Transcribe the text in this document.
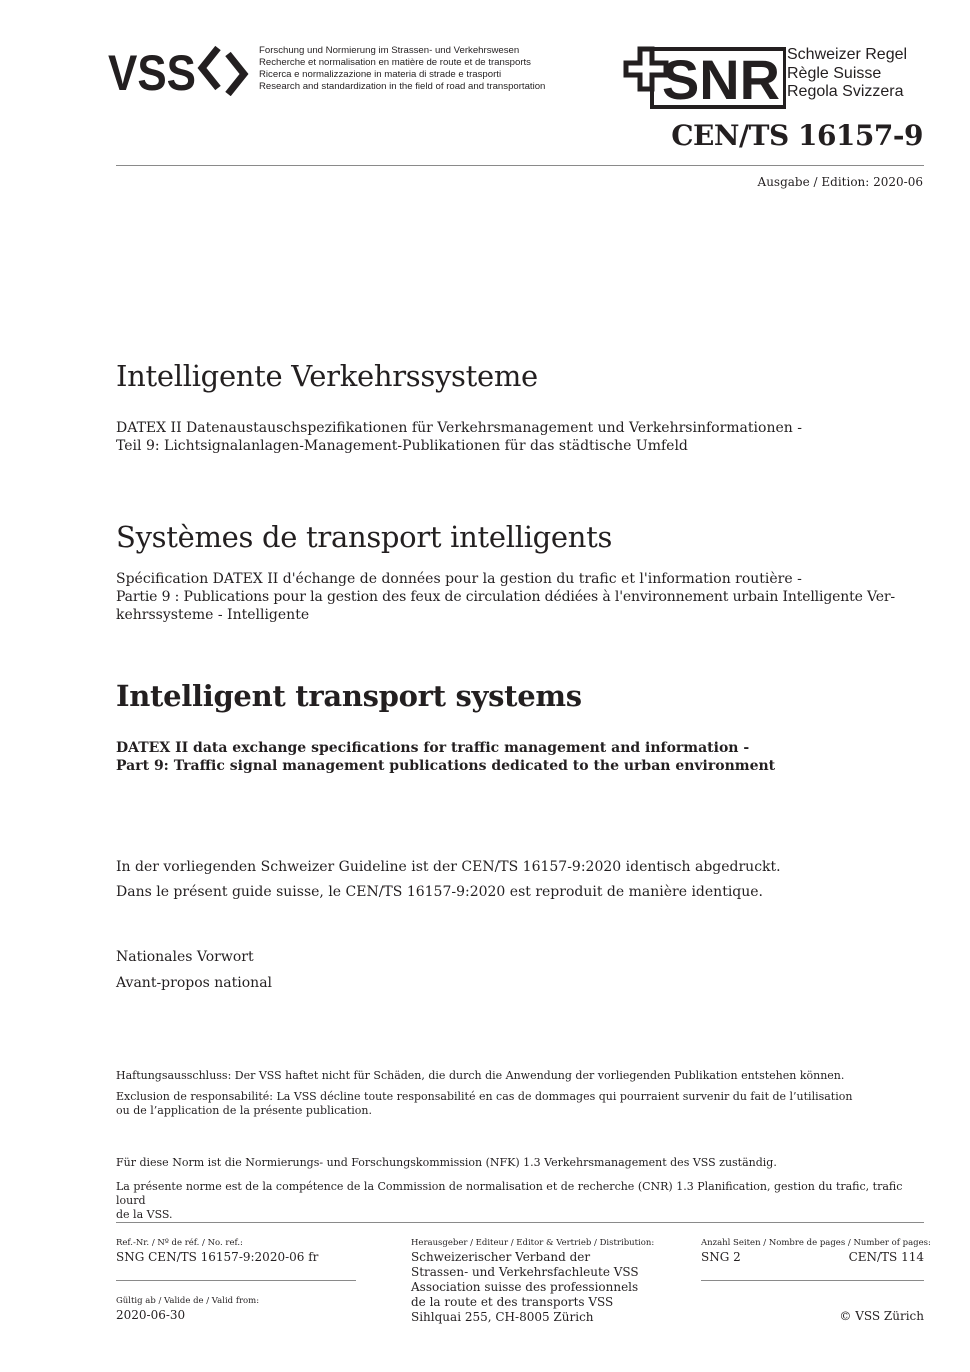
VSS	Forschung und Normierung im Strassen- und Verkehrswesen
Recherche et normalisation en matière de route et de transports
Ricerca e normalizzazione in materia di strade e trasporti
Research and standardization in the field of road and transportation SNR Schweizer Regel
Règle Suisse
Regola Svizzera
CEN/TS 16157-9
Ausgabe / Edition: 2020-06
Intelligente Verkehrssysteme
DATEX II Datenaustauschspezifikationen für Verkehrsmanagement und Verkehrsinformationen -
Teil 9: Lichtsignalanlagen-Management-Publikationen für das städtische Umfeld
Systèmes de transport intelligents
Spécification DATEX II d'échange de données pour la gestion du trafic et l'information routière -
Partie 9 : Publications pour la gestion des feux de circulation dédiées à l'environnement urbain Intelligente Ver-
kehrssysteme - Intelligente
Intelligent transport systems
DATEX II data exchange specifications for traffic management and information -
Part 9: Traffic signal management publications dedicated to the urban environment
In der vorliegenden Schweizer Guideline ist der CEN/TS 16157-9:2020 identisch abgedruckt.
Dans le présent guide suisse, le CEN/TS 16157-9:2020 est reproduit de manière identique.
Nationales Vorwort
Avant-propos national
Haftungsausschluss: Der VSS haftet nicht für Schäden, die durch die Anwendung der vorliegenden Publikation entstehen können.
Exclusion de responsabilité: La VSS décline toute responsabilité en cas de dommages qui pourraient survenir du fait de l’utilisation
ou de l’application de la présente publication.
Für diese Norm ist die Normierungs- und Forschungskommission (NFK) 1.3 Verkehrsmanagement des VSS zuständig.
La présente norme est de la compétence de la Commission de normalisation et de recherche (CNR) 1.3 Planification, gestion du trafic, trafic lourd
de la VSS.
Ref.-Nr. / Nº de réf. / No. ref.:
SNG CEN/TS 16157-9:2020-06 fr
Gültig ab / Valide de / Valid from:
2020-06-30
Herausgeber / Editeur / Editor & Vertrieb / Distribution:
Schweizerischer Verband der
Strassen- und Verkehrsfachleute VSS
Association suisse des professionnels
de la route et des transports VSS
Sihlquai 255, CH-8005 Zürich
Anzahl Seiten / Nombre de pages / Number of pages:
SNG 2	CEN/TS 114
© VSS Zürich
